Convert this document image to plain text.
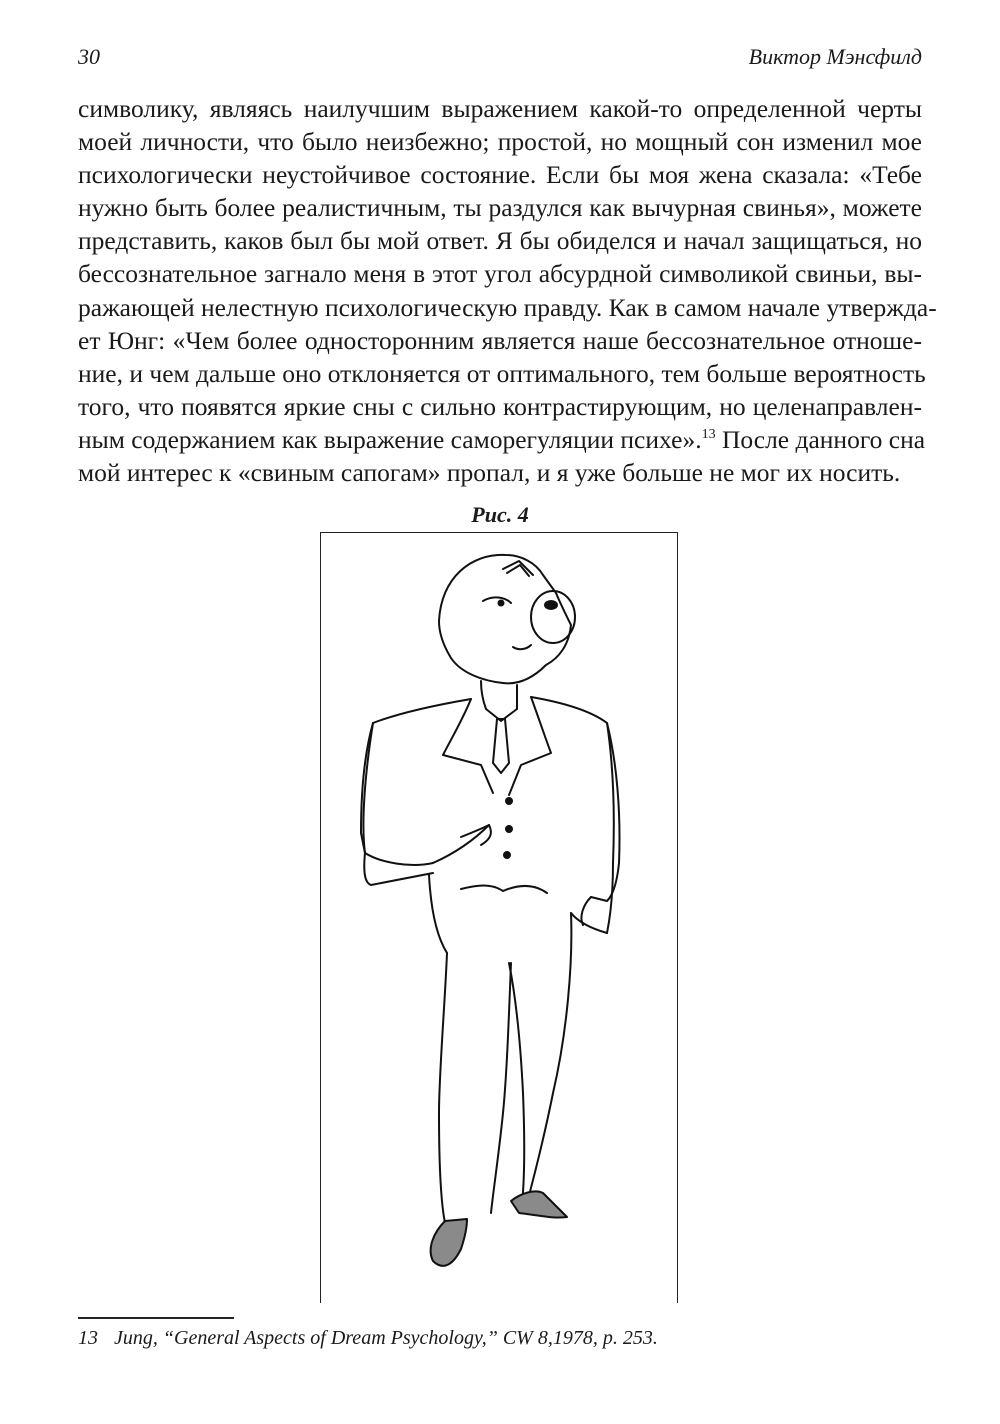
30	Виктор Мэнсфилд
символику, являясь наилучшим выражением какой-то определенной черты
моей личности, что было неизбежно; простой, но мощный сон изменил мое
психологически неустойчивое состояние. Если бы моя жена сказала: «Тебе
нужно быть более реалистичным, ты раздулся как вычурная свинья», можете
представить, каков был бы мой ответ. Я бы обиделся и начал защищаться, но
бессознательное загнало меня в этот угол абсурдной символикой свиньи, вы-
ражающей нелестную психологическую правду. Как в самом начале утвержда-
ет Юнг: «Чем более односторонним является наше бессознательное отноше-
ние, и чем дальше оно отклоняется от оптимального, тем больше вероятность
того, что появятся яркие сны с сильно контрастирующим, но целенаправлен-
ным содержанием как выражение саморегуляции психе».$^{13}$ После данного сна
мой интерес к «свиным сапогам» пропал, и я уже больше не мог их носить.
Рис. 4
13 Jung, “General Aspects of Dream Psychology,” CW 8,1978, p. 253.
